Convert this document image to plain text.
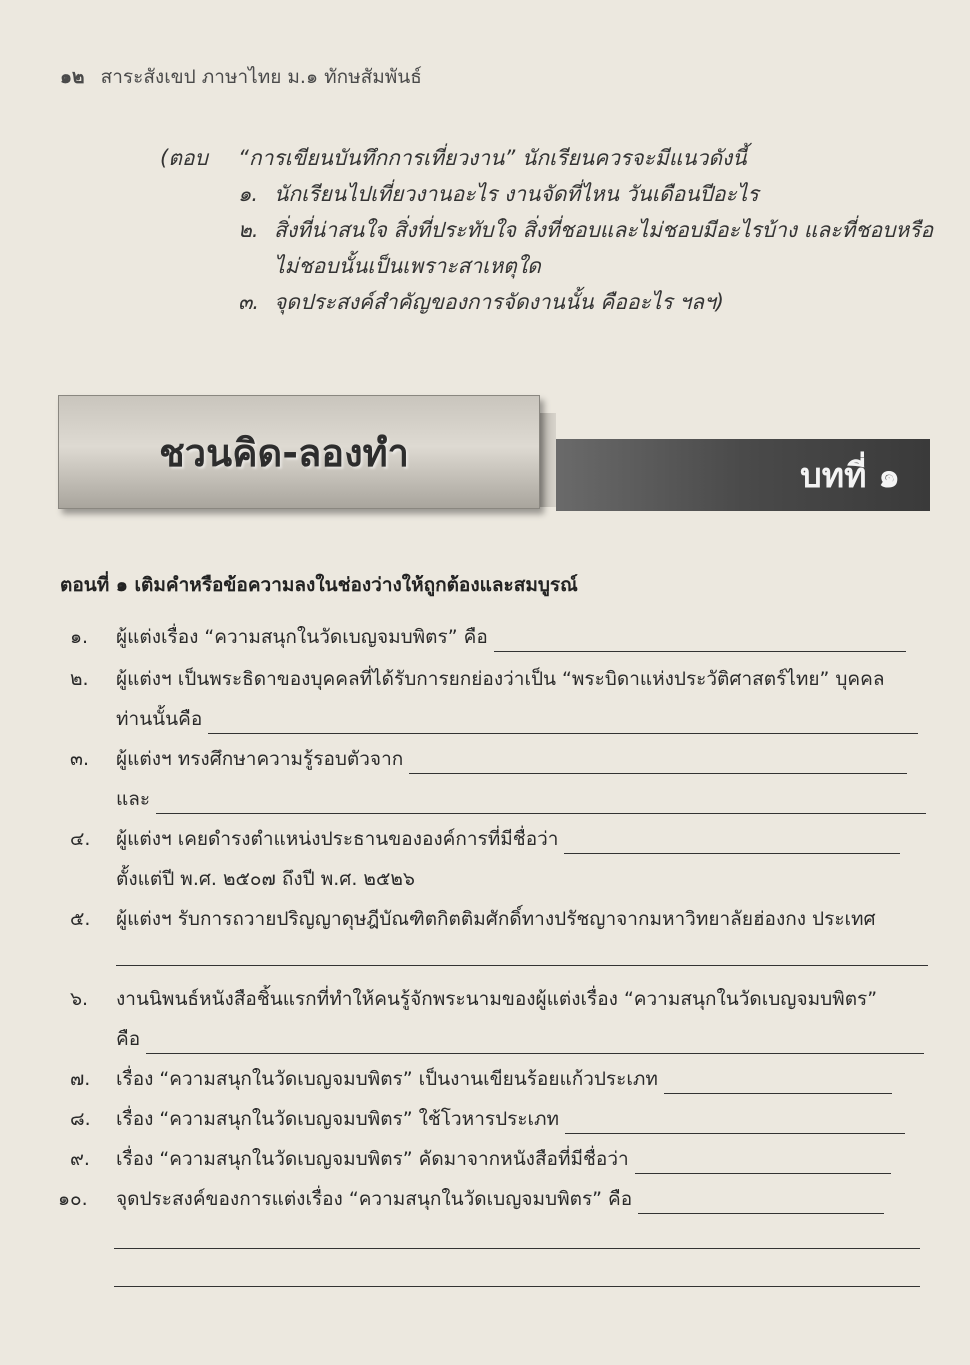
๑๒ สาระสังเขป ภาษาไทย ม.๑ ทักษสัมพันธ์
(ตอบ	“การเขียนบันทึกการเที่ยวงาน” นักเรียนควรจะมีแนวดังนี้
๑. นักเรียนไปเที่ยวงานอะไร งานจัดที่ไหน วันเดือนปีอะไร
๒. สิ่งที่น่าสนใจ สิ่งที่ประทับใจ สิ่งที่ชอบและไม่ชอบมีอะไรบ้าง และที่ชอบหรือ
ไม่ชอบนั้นเป็นเพราะสาเหตุใด
๓. จุดประสงค์สำคัญของการจัดงานนั้น คืออะไร ฯลฯ)
บทที่ ๑
ชวนคิด-ลองทำ
ตอนที่ ๑ เติมคำหรือข้อความลงในช่องว่างให้ถูกต้องและสมบูรณ์
๑.	ผู้แต่งเรื่อง “ความสนุกในวัดเบญจมบพิตร” คือ
๒.	ผู้แต่งฯ เป็นพระธิดาของบุคคลที่ได้รับการยกย่องว่าเป็น “พระบิดาแห่งประวัติศาสตร์ไทย” บุคคล
ท่านนั้นคือ
๓.	ผู้แต่งฯ ทรงศึกษาความรู้รอบตัวจาก
และ
๔.	ผู้แต่งฯ เคยดำรงตำแหน่งประธานขององค์การที่มีชื่อว่า
ตั้งแต่ปี พ.ศ. ๒๕๐๗ ถึงปี พ.ศ. ๒๕๒๖
๕.	ผู้แต่งฯ รับการถวายปริญญาดุษฎีบัณฑิตกิตติมศักดิ์ทางปรัชญาจากมหาวิทยาลัยฮ่องกง ประเทศ
๖.	งานนิพนธ์หนังสือชิ้นแรกที่ทำให้คนรู้จักพระนามของผู้แต่งเรื่อง “ความสนุกในวัดเบญจมบพิตร”
คือ
๗.	เรื่อง “ความสนุกในวัดเบญจมบพิตร” เป็นงานเขียนร้อยแก้วประเภท
๘.	เรื่อง “ความสนุกในวัดเบญจมบพิตร” ใช้โวหารประเภท
๙.	เรื่อง “ความสนุกในวัดเบญจมบพิตร” คัดมาจากหนังสือที่มีชื่อว่า
๑๐.	จุดประสงค์ของการแต่งเรื่อง “ความสนุกในวัดเบญจมบพิตร” คือ
